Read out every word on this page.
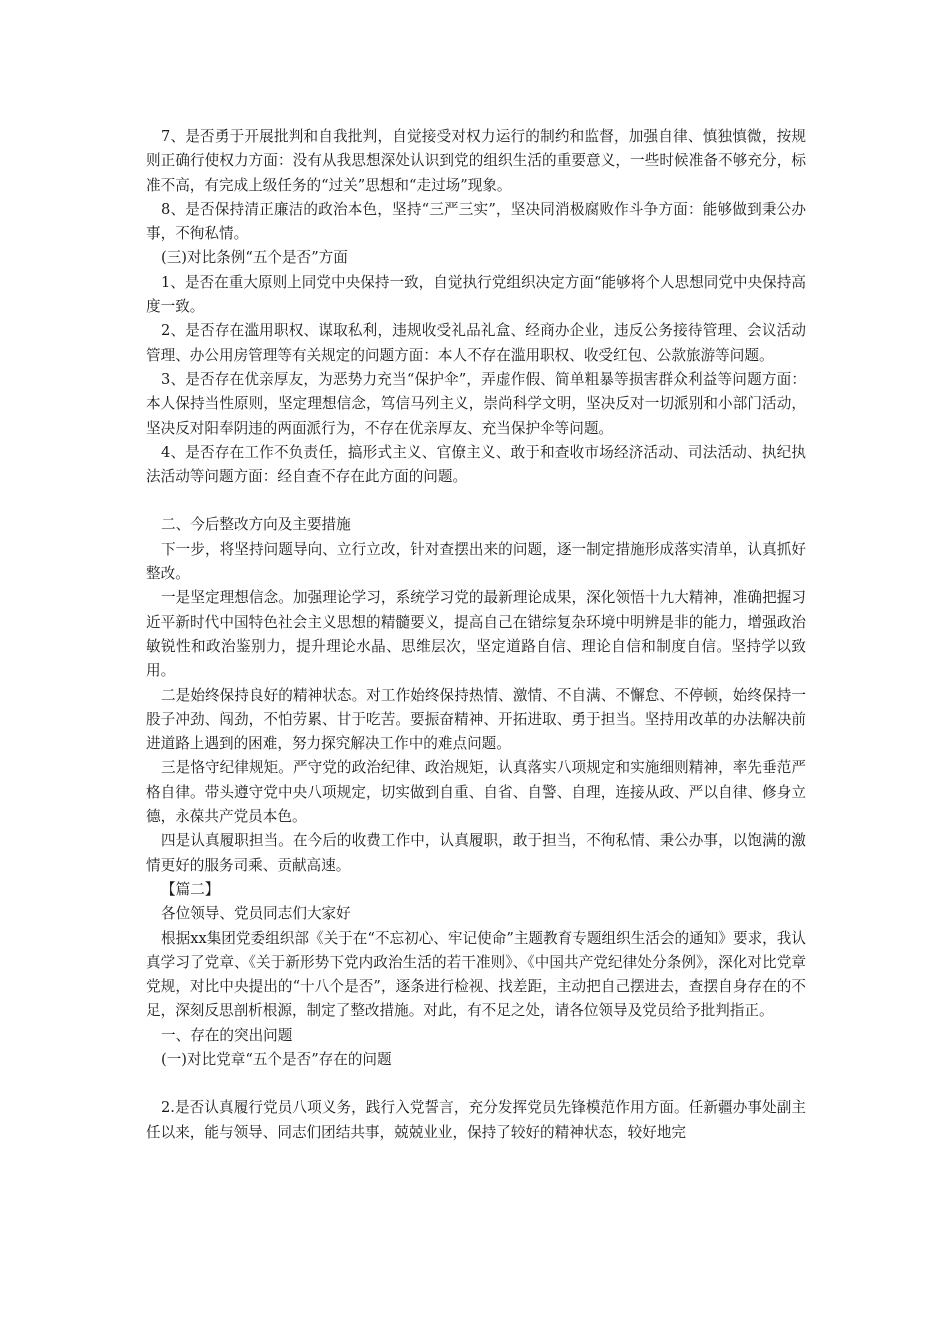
7、是否勇于开展批判和自我批判，自觉接受对权力运行的制约和监督，加强自律、慎独慎微，按规则正确行使权力方面：没有从我思想深处认识到党的组织生活的重要意义，一些时候准备不够充分，标准不高，有完成上级任务的“过关”思想和“走过场”现象。

8、是否保持清正廉洁的政治本色，坚持“三严三实”，坚决同消极腐败作斗争方面：能够做到秉公办事，不徇私情。

(三)对比条例“五个是否”方面

1、是否在重大原则上同党中央保持一致，自觉执行党组织决定方面“能够将个人思想同党中央保持高度一致。

2、是否存在滥用职权、谋取私利，违规收受礼品礼盒、经商办企业，违反公务接待管理、会议活动管理、办公用房管理等有关规定的问题方面：本人不存在滥用职权、收受红包、公款旅游等问题。

3、是否存在优亲厚友，为恶势力充当“保护伞”，弄虚作假、简单粗暴等损害群众利益等问题方面：本人保持当性原则，坚定理想信念，笃信马列主义，崇尚科学文明，坚决反对一切派别和小部门活动，坚决反对阳奉阴违的两面派行为，不存在优亲厚友、充当保护伞等问题。

4、是否存在工作不负责任，搞形式主义、官僚主义、敢于和查收市场经济活动、司法活动、执纪执法活动等问题方面：经自查不存在此方面的问题。

二、今后整改方向及主要措施

下一步，将坚持问题导向、立行立改，针对查摆出来的问题，逐一制定措施形成落实清单，认真抓好整改。

一是坚定理想信念。加强理论学习，系统学习党的最新理论成果，深化领悟十九大精神，准确把握习近平新时代中国特色社会主义思想的精髓要义，提高自己在错综复杂环境中明辨是非的能力，增强政治敏锐性和政治鉴别力，提升理论水晶、思维层次，坚定道路自信、理论自信和制度自信。坚持学以致用。

二是始终保持良好的精神状态。对工作始终保持热情、激情、不自满、不懈怠、不停顿，始终保持一股子冲劲、闯劲，不怕劳累、甘于吃苦。要振奋精神、开拓进取、勇于担当。坚持用改革的办法解决前进道路上遇到的困难，努力探究解决工作中的难点问题。

三是恪守纪律规矩。严守党的政治纪律、政治规矩，认真落实八项规定和实施细则精神，率先垂范严格自律。带头遵守党中央八项规定，切实做到自重、自省、自警、自理，连接从政、严以自律、修身立德，永葆共产党员本色。

四是认真履职担当。在今后的收费工作中，认真履职，敢于担当，不徇私情、秉公办事，以饱满的激情更好的服务司乘、贡献高速。

【篇二】

各位领导、党员同志们大家好

根据xx集团党委组织部《关于在“不忘初心、牢记使命”主题教育专题组织生活会的通知》要求，我认真学习了党章、《关于新形势下党内政治生活的若干准则》、《中国共产党纪律处分条例》，深化对比党章党规，对比中央提出的“十八个是否”，逐条进行检视、找差距，主动把自己摆进去，查摆自身存在的不足，深刻反思剖析根源，制定了整改措施。对此，有不足之处，请各位领导及党员给予批判指正。

一、存在的突出问题

(一)对比党章“五个是否”存在的问题

2.是否认真履行党员八项义务，践行入党誓言，充分发挥党员先锋模范作用方面。任新疆办事处副主任以来，能与领导、同志们团结共事，兢兢业业，保持了较好的精神状态，较好地完
